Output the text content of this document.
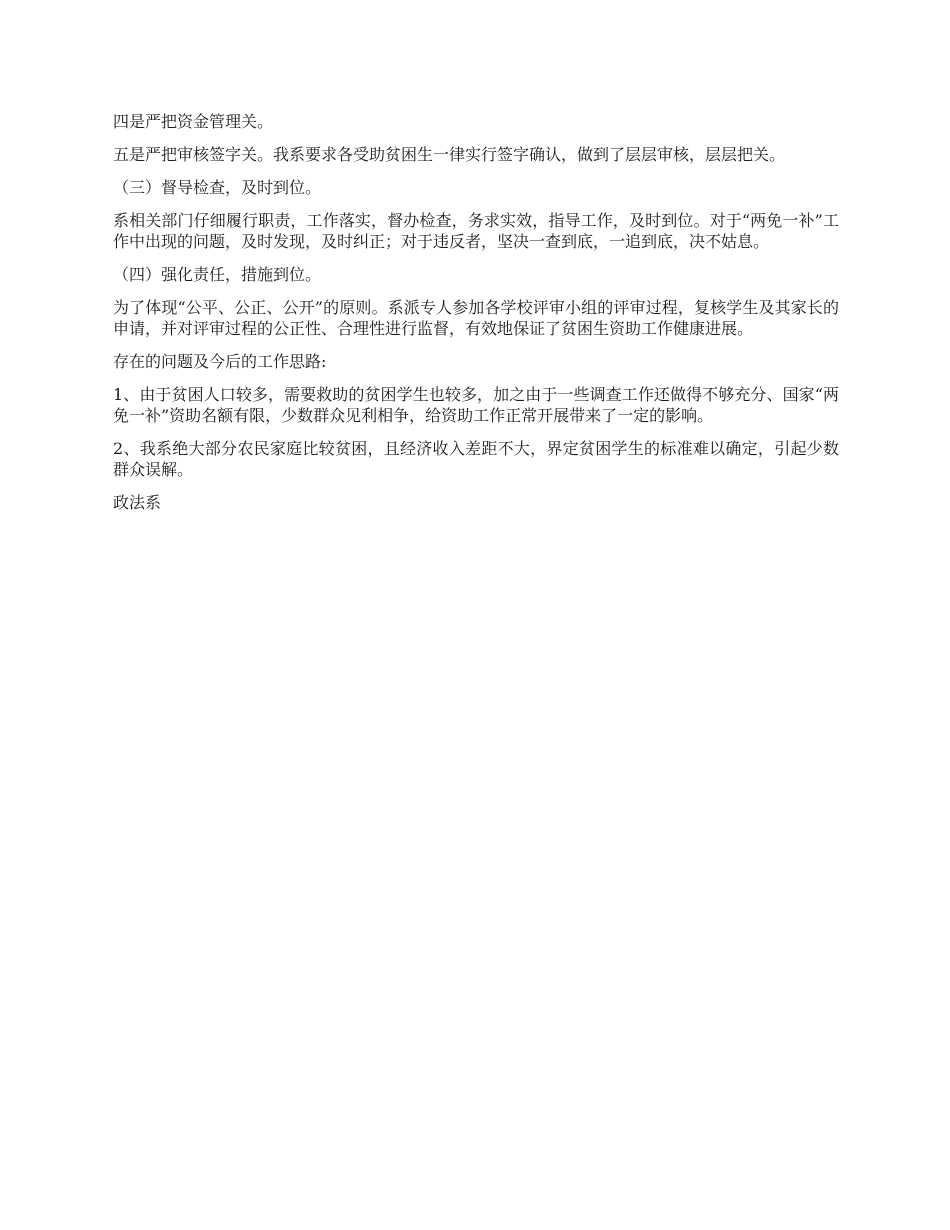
四是严把资金管理关。

五是严把审核签字关。我系要求各受助贫困生一律实行签字确认，做到了层层审核，层层把关。

（三）督导检查，及时到位。

系相关部门仔细履行职责，工作落实，督办检查，务求实效，指导工作，及时到位。对于“两免一补”工作中出现的问题，及时发现，及时纠正；对于违反者，坚决一查到底，一追到底，决不姑息。

（四）强化责任，措施到位。

为了体现“公平、公正、公开”的原则。系派专人参加各学校评审小组的评审过程，复核学生及其家长的申请，并对评审过程的公正性、合理性进行监督，有效地保证了贫困生资助工作健康进展。

存在的问题及今后的工作思路:

1、由于贫困人口较多，需要救助的贫困学生也较多，加之由于一些调查工作还做得不够充分、国家“两免一补”资助名额有限，少数群众见利相争，给资助工作正常开展带来了一定的影响。

2、我系绝大部分农民家庭比较贫困，且经济收入差距不大，界定贫困学生的标准难以确定，引起少数群众误解。

政法系
